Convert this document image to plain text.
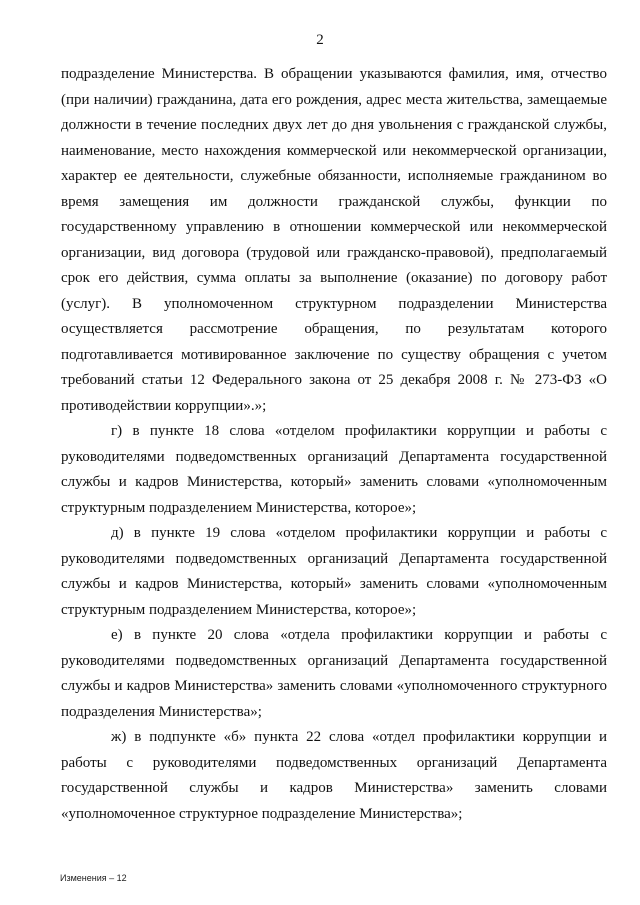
2

подразделение Министерства. В обращении указываются фамилия, имя, отчество (при наличии) гражданина, дата его рождения, адрес места жительства, замещаемые должности в течение последних двух лет до дня увольнения с гражданской службы, наименование, место нахождения коммерческой или некоммерческой организации, характер ее деятельности, служебные обязанности, исполняемые гражданином во время замещения им должности гражданской службы, функции по государственному управлению в отношении коммерческой или некоммерческой организации, вид договора (трудовой или гражданско-правовой), предполагаемый срок его действия, сумма оплаты за выполнение (оказание) по договору работ (услуг). В уполномоченном структурном подразделении Министерства осуществляется рассмотрение обращения, по результатам которого подготавливается мотивированное заключение по существу обращения с учетом требований статьи 12 Федерального закона от 25 декабря 2008 г. № 273-ФЗ «О противодействии коррупции».»;

г) в пункте 18 слова «отделом профилактики коррупции и работы с руководителями подведомственных организаций Департамента государственной службы и кадров Министерства, который» заменить словами «уполномоченным структурным подразделением Министерства, которое»;

д) в пункте 19 слова «отделом профилактики коррупции и работы с руководителями подведомственных организаций Департамента государственной службы и кадров Министерства, который» заменить словами «уполномоченным структурным подразделением Министерства, которое»;

е) в пункте 20 слова «отдела профилактики коррупции и работы с руководителями подведомственных организаций Департамента государственной службы и кадров Министерства» заменить словами «уполномоченного структурного подразделения Министерства»;

ж) в подпункте «б» пункта 22 слова «отдел профилактики коррупции и работы с руководителями подведомственных организаций Департамента государственной службы и кадров Министерства» заменить словами «уполномоченное структурное подразделение Министерства»;

Изменения – 12
